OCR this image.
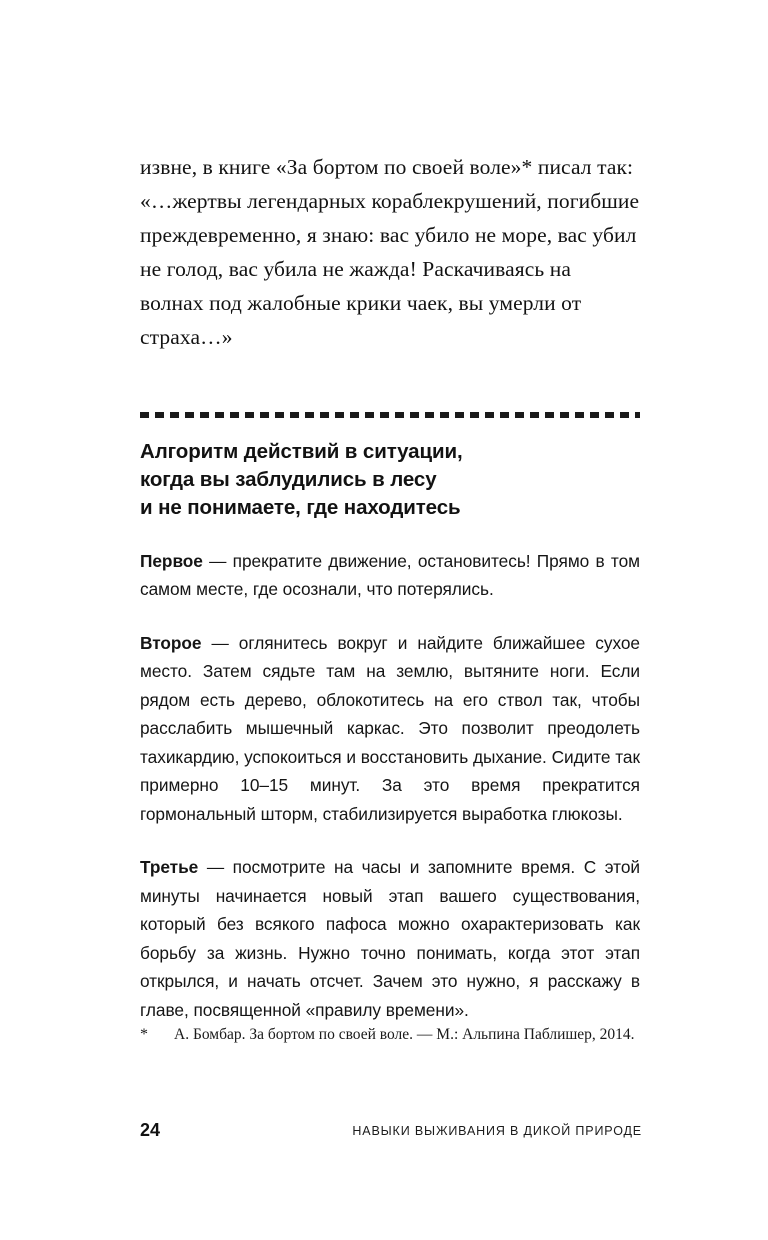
извне, в книге «За бортом по своей воле»* писал так: «…жертвы легендарных кораблекрушений, погибшие преждевременно, я знаю: вас убило не море, вас убил не голод, вас убила не жажда! Раскачиваясь на волнах под жалобные крики чаек, вы умерли от страха…»

Алгоритм действий в ситуации,
когда вы заблудились в лесу
и не понимаете, где находитесь

Первое — прекратите движение, остановитесь! Прямо в том самом месте, где осознали, что потерялись.

Второе — оглянитесь вокруг и найдите ближайшее сухое место. Затем сядьте там на землю, вытяните ноги. Если рядом есть дерево, облокотитесь на его ствол так, чтобы расслабить мышечный каркас. Это позволит преодолеть тахикардию, успокоиться и восстановить дыхание. Сидите так примерно 10–15 минут. За это время прекратится гормональный шторм, стабилизируется выработка глюкозы.

Третье — посмотрите на часы и запомните время. С этой минуты начинается новый этап вашего существования, который без всякого пафоса можно охарактеризовать как борьбу за жизнь. Нужно точно понимать, когда этот этап открылся, и начать отсчет. Зачем это нужно, я расскажу в главе, посвященной «правилу времени».

*	А. Бомбар. За бортом по своей воле. — М.: Альпина Паблишер, 2014.
24	НАВЫКИ ВЫЖИВАНИЯ В ДИКОЙ ПРИРОДЕ
